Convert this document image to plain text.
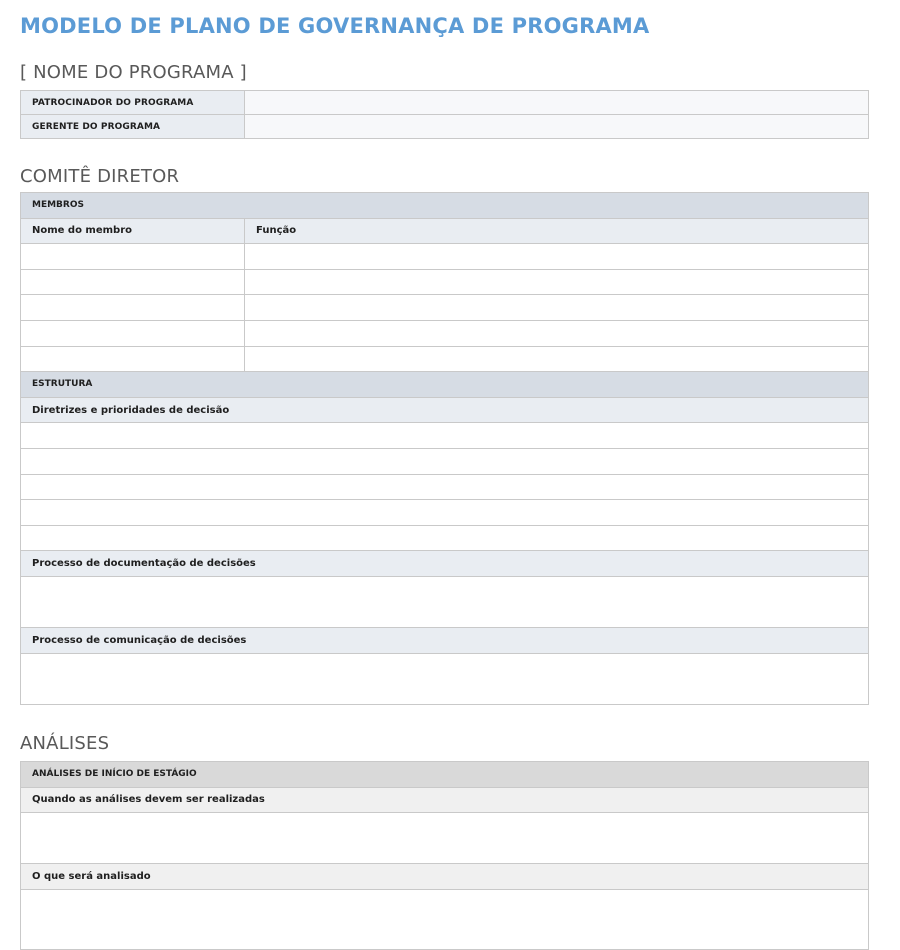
MODELO DE PLANO DE GOVERNANÇA DE PROGRAMA
[ NOME DO PROGRAMA ]
PATROCINADOR DO PROGRAMA	
GERENTE DO PROGRAMA	
COMITÊ DIRETOR
MEMBROS	
Nome do membro	Função

ESTRUTURA	
Diretrizes e prioridades de decisão	

Processo de documentação de decisões	

Processo de comunicação de decisões	

ANÁLISES
ANÁLISES DE INÍCIO DE ESTÁGIO
Quando as análises devem ser realizadas

O que será analisado
